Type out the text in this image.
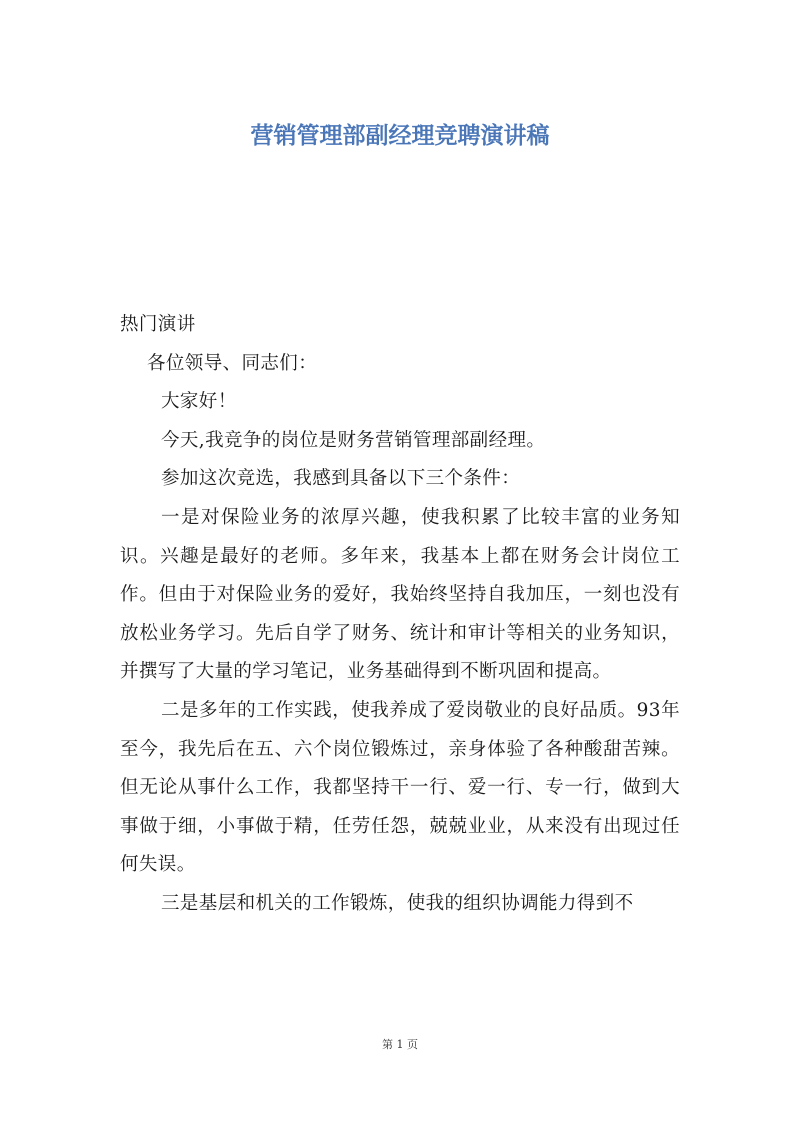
营销管理部副经理竞聘演讲稿

热门演讲

各位领导、同志们：

大家好！

今天,我竞争的岗位是财务营销管理部副经理。

参加这次竞选，我感到具备以下三个条件：

一是对保险业务的浓厚兴趣，使我积累了比较丰富的业务知识。兴趣是最好的老师。多年来，我基本上都在财务会计岗位工作。但由于对保险业务的爱好，我始终坚持自我加压，一刻也没有放松业务学习。先后自学了财务、统计和审计等相关的业务知识，并撰写了大量的学习笔记，业务基础得到不断巩固和提高。

二是多年的工作实践，使我养成了爱岗敬业的良好品质。93年至今，我先后在五、六个岗位锻炼过，亲身体验了各种酸甜苦辣。但无论从事什么工作，我都坚持干一行、爱一行、专一行，做到大事做于细，小事做于精，任劳任怨，兢兢业业，从来没有出现过任何失误。

三是基层和机关的工作锻炼，使我的组织协调能力得到不

第 1 页
